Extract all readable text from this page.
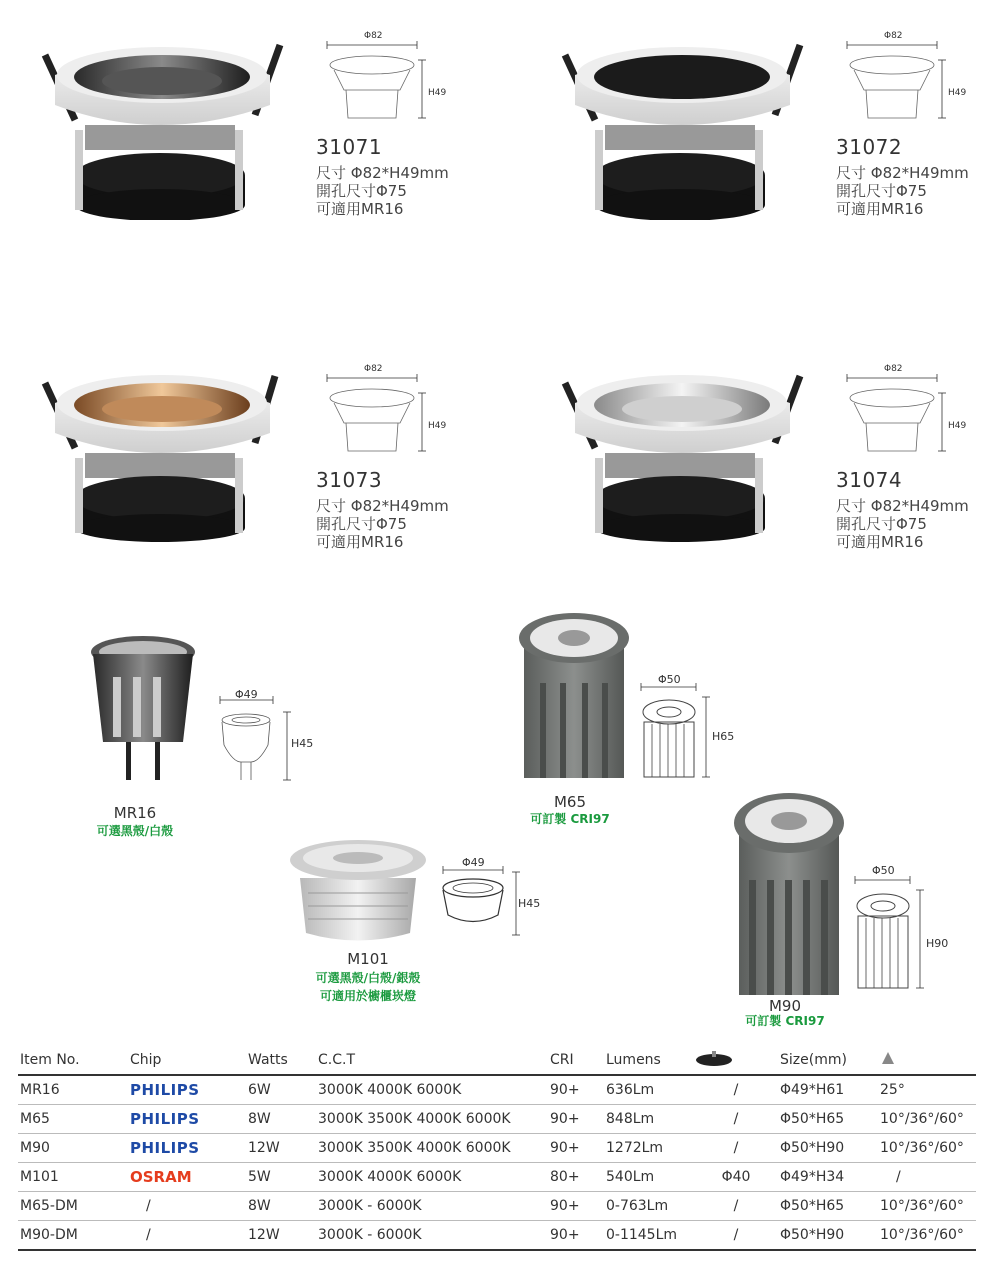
Φ82
H49
31071
尺寸 Φ82*H49mm
開孔尺寸Φ75
可適用MR16
Φ82
H49
31072
尺寸 Φ82*H49mm
開孔尺寸Φ75
可適用MR16
Φ82
H49
31073
尺寸 Φ82*H49mm
開孔尺寸Φ75
可適用MR16
Φ82
H49
31074
尺寸 Φ82*H49mm
開孔尺寸Φ75
可適用MR16
Φ49
H45
MR16
可選黑殼/白殼
Φ50
H65
M65
可訂製 CRI97
Φ49
H45
M101
可選黑殼/白殼/銀殼
可適用於櫥櫃崁燈
Φ50
H90
M90
可訂製 CRI97
Item No.	Chip	Watts	C.C.T	CRI	Lumens		Size(mm)	
MR16	PHILIPS	6W	3000K 4000K 6000K	90+	636Lm	/	Φ49*H61	25°
M65	PHILIPS	8W	3000K 3500K 4000K 6000K	90+	848Lm	/	Φ50*H65	10°/36°/60°
M90	PHILIPS	12W	3000K 3500K 4000K 6000K	90+	1272Lm	/	Φ50*H90	10°/36°/60°
M101	OSRAM	5W	3000K 4000K 6000K	80+	540Lm	Φ40	Φ49*H34	/
M65-DM	/	8W	3000K - 6000K	90+	0-763Lm	/	Φ50*H65	10°/36°/60°
M90-DM	/	12W	3000K - 6000K	90+	0-1145Lm	/	Φ50*H90	10°/36°/60°
